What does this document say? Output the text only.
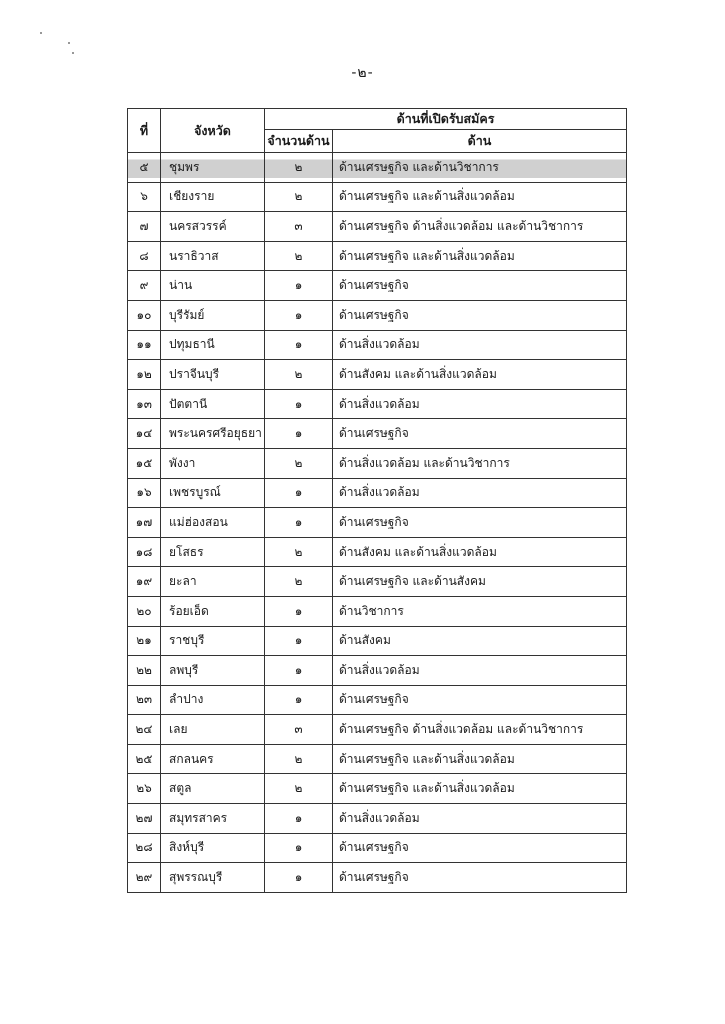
-๒-
ที่	จังหวัด	ด้านที่เปิดรับสมัคร	
		จำนวนด้าน	ด้าน
๕	ชุมพร	๒	ด้านเศรษฐกิจ และด้านวิชาการ
๖	เชียงราย	๒	ด้านเศรษฐกิจ และด้านสิ่งแวดล้อม
๗	นครสวรรค์	๓	ด้านเศรษฐกิจ ด้านสิ่งแวดล้อม และด้านวิชาการ
๘	นราธิวาส	๒	ด้านเศรษฐกิจ และด้านสิ่งแวดล้อม
๙	น่าน	๑	ด้านเศรษฐกิจ
๑๐	บุรีรัมย์	๑	ด้านเศรษฐกิจ
๑๑	ปทุมธานี	๑	ด้านสิ่งแวดล้อม
๑๒	ปราจีนบุรี	๒	ด้านสังคม และด้านสิ่งแวดล้อม
๑๓	ปัตตานี	๑	ด้านสิ่งแวดล้อม
๑๔	พระนครศรีอยุธยา	๑	ด้านเศรษฐกิจ
๑๕	พังงา	๒	ด้านสิ่งแวดล้อม และด้านวิชาการ
๑๖	เพชรบูรณ์	๑	ด้านสิ่งแวดล้อม
๑๗	แม่ฮ่องสอน	๑	ด้านเศรษฐกิจ
๑๘	ยโสธร	๒	ด้านสังคม และด้านสิ่งแวดล้อม
๑๙	ยะลา	๒	ด้านเศรษฐกิจ และด้านสังคม
๒๐	ร้อยเอ็ด	๑	ด้านวิชาการ
๒๑	ราชบุรี	๑	ด้านสังคม
๒๒	ลพบุรี	๑	ด้านสิ่งแวดล้อม
๒๓	ลำปาง	๑	ด้านเศรษฐกิจ
๒๔	เลย	๓	ด้านเศรษฐกิจ ด้านสิ่งแวดล้อม และด้านวิชาการ
๒๕	สกลนคร	๒	ด้านเศรษฐกิจ และด้านสิ่งแวดล้อม
๒๖	สตูล	๒	ด้านเศรษฐกิจ และด้านสิ่งแวดล้อม
๒๗	สมุทรสาคร	๑	ด้านสิ่งแวดล้อม
๒๘	สิงห์บุรี	๑	ด้านเศรษฐกิจ
๒๙	สุพรรณบุรี	๑	ด้านเศรษฐกิจ
